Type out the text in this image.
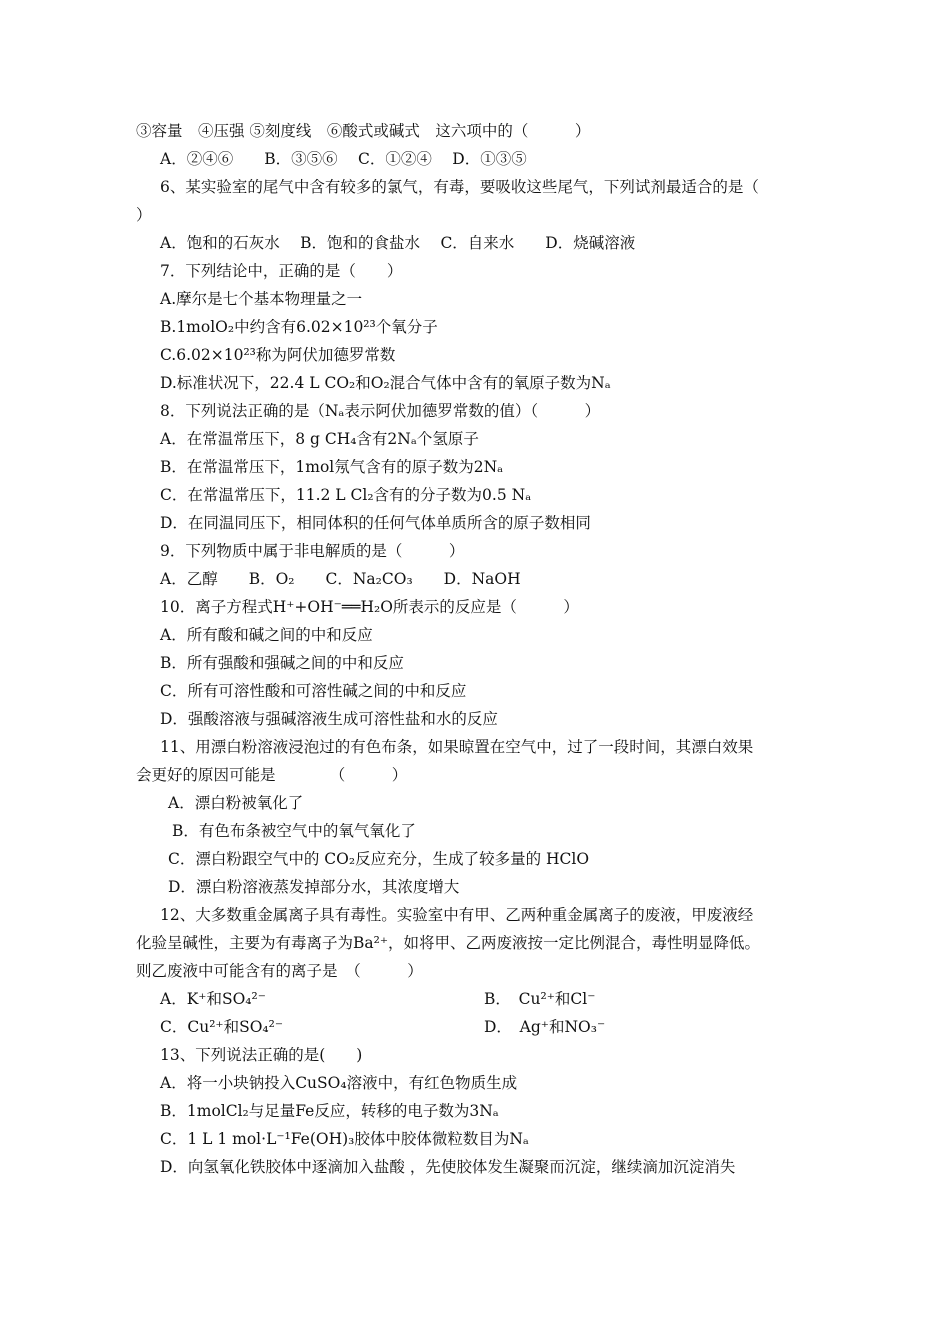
③容量　④压强 ⑤刻度线　⑥酸式或碱式　这六项中的（　　　）
A．②④⑥　　B．③⑤⑥　 C．①②④　 D．①③⑤
6、某实验室的尾气中含有较多的氯气，有毒，要吸收这些尾气，下列试剂最适合的是（
）
A．饱和的石灰水　 B．饱和的食盐水　 C．自来水　　D．烧碱溶液
7．下列结论中，正确的是（　　）
A.摩尔是七个基本物理量之一
B.1molO₂中约含有6.02×10²³个氧分子
C.6.02×10²³称为阿伏加德罗常数
D.标准状况下，22.4 L CO₂和O₂混合气体中含有的氧原子数为Nₐ
8．下列说法正确的是（Nₐ表示阿伏加德罗常数的值）（　　　）
A．在常温常压下，8 g CH₄含有2Nₐ个氢原子
B．在常温常压下，1mol氖气含有的原子数为2Nₐ
C．在常温常压下，11.2 L Cl₂含有的分子数为0.5 Nₐ
D．在同温同压下，相同体积的任何气体单质所含的原子数相同
9．下列物质中属于非电解质的是（　　　）
A．乙醇　　B．O₂　　C．Na₂CO₃　　D．NaOH
10．离子方程式H⁺+OH⁻══H₂O所表示的反应是（　　　）
A．所有酸和碱之间的中和反应
B．所有强酸和强碱之间的中和反应
C．所有可溶性酸和可溶性碱之间的中和反应
D．强酸溶液与强碱溶液生成可溶性盐和水的反应
11、用漂白粉溶液浸泡过的有色布条，如果晾置在空气中，过了一段时间，其漂白效果
会更好的原因可能是　　　　（　　　）
A．漂白粉被氧化了
B．有色布条被空气中的氧气氧化了
C．漂白粉跟空气中的 CO₂反应充分，生成了较多量的 HClO
D．漂白粉溶液蒸发掉部分水，其浓度增大
12、大多数重金属离子具有毒性。实验室中有甲、乙两种重金属离子的废液，甲废液经
化验呈碱性，主要为有毒离子为Ba²⁺，如将甲、乙两废液按一定比例混合，毒性明显降低。
则乙废液中可能含有的离子是　（　　　）
A．K⁺和SO₄²⁻	B．　Cu²⁺和Cl⁻
C．Cu²⁺和SO₄²⁻	D．　Ag⁺和NO₃⁻
13、下列说法正确的是(　　)
A．将一小块钠投入CuSO₄溶液中，有红色物质生成
B．1molCl₂与足量Fe反应，转移的电子数为3Nₐ
C．1 L 1 mol·L⁻¹Fe(OH)₃胶体中胶体微粒数目为Nₐ
D．向氢氧化铁胶体中逐滴加入盐酸 ，先使胶体发生凝聚而沉淀，继续滴加沉淀消失
